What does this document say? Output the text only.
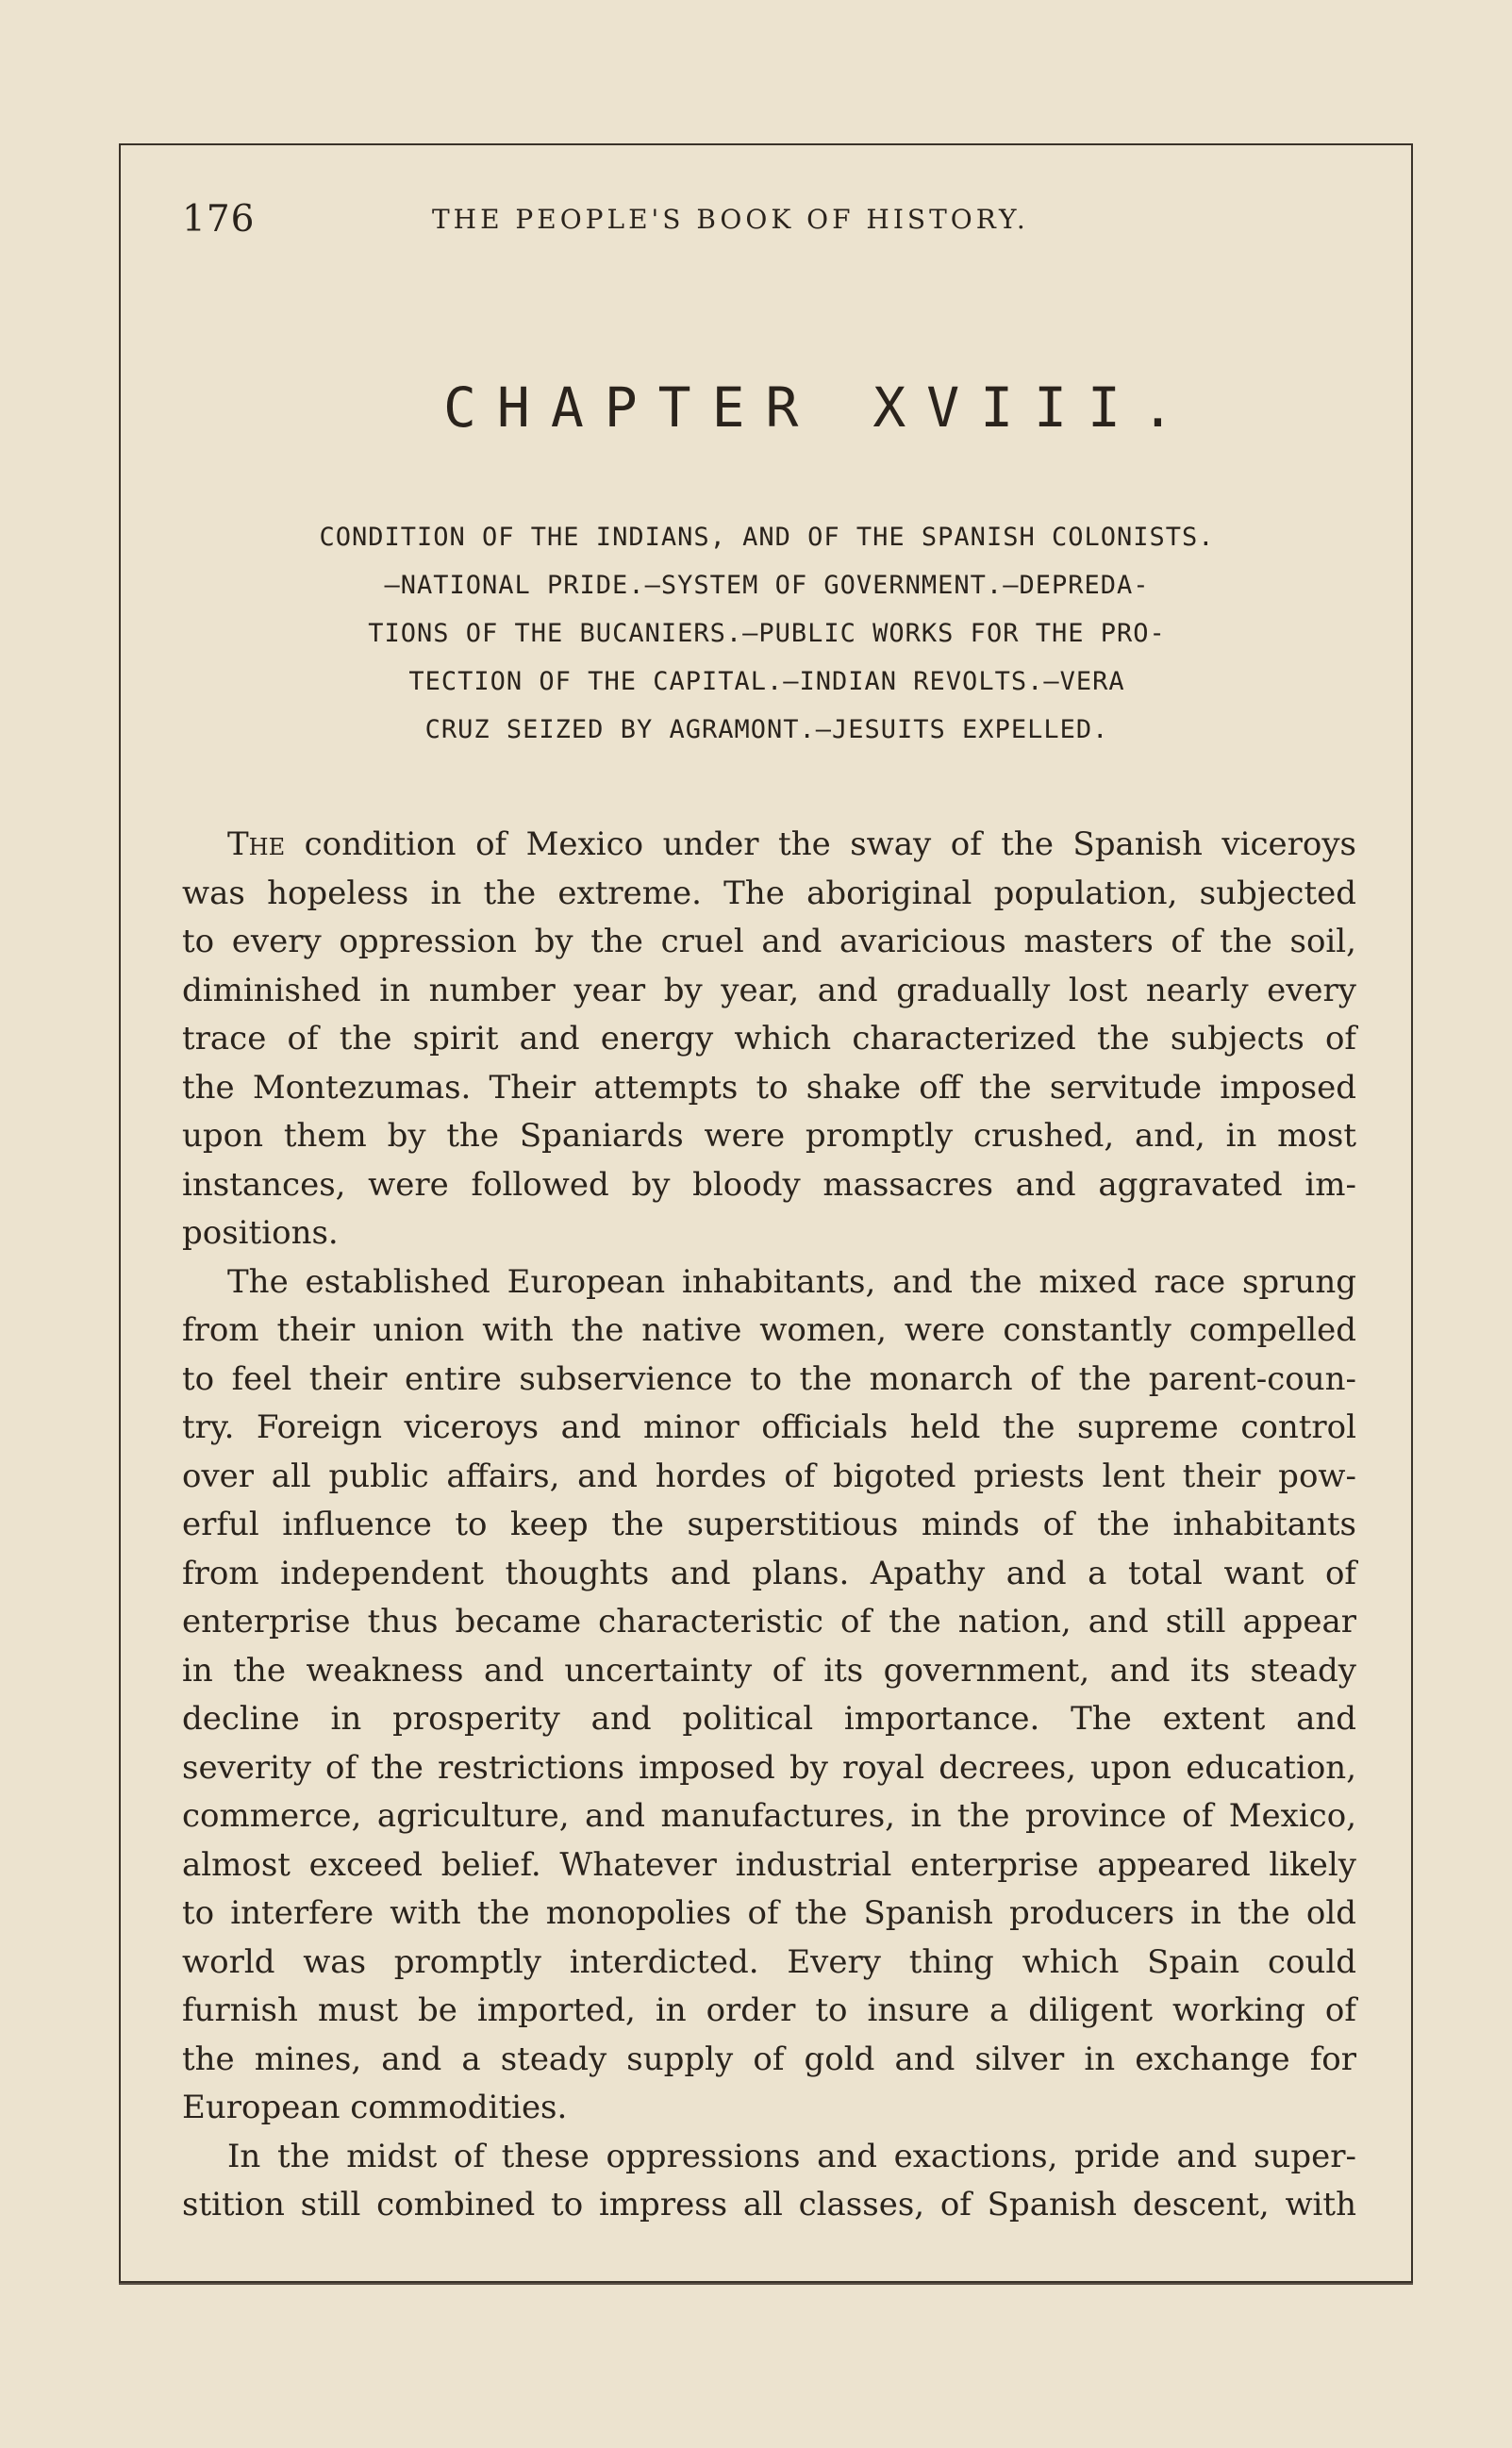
176	THE PEOPLE'S BOOK OF HISTORY.
CHAPTER XVIII.
CONDITION OF THE INDIANS, AND OF THE SPANISH COLONISTS.
—NATIONAL PRIDE.—SYSTEM OF GOVERNMENT.—DEPREDA-
TIONS OF THE BUCANIERS.—PUBLIC WORKS FOR THE PRO-
TECTION OF THE CAPITAL.—INDIAN REVOLTS.—VERA
CRUZ SEIZED BY AGRAMONT.—JESUITS EXPELLED.
The condition of Mexico under the sway of the Spanish viceroys
was hopeless in the extreme. The aboriginal population, subjected
to every oppression by the cruel and avaricious masters of the soil,
diminished in number year by year, and gradually lost nearly every
trace of the spirit and energy which characterized the subjects of
the Montezumas. Their attempts to shake off the servitude imposed
upon them by the Spaniards were promptly crushed, and, in most
instances, were followed by bloody massacres and aggravated im-
positions.
The established European inhabitants, and the mixed race sprung
from their union with the native women, were constantly compelled
to feel their entire subservience to the monarch of the parent-coun-
try. Foreign viceroys and minor officials held the supreme control
over all public affairs, and hordes of bigoted priests lent their pow-
erful influence to keep the superstitious minds of the inhabitants
from independent thoughts and plans. Apathy and a total want of
enterprise thus became characteristic of the nation, and still appear
in the weakness and uncertainty of its government, and its steady
decline in prosperity and political importance. The extent and
severity of the restrictions imposed by royal decrees, upon education,
commerce, agriculture, and manufactures, in the province of Mexico,
almost exceed belief. Whatever industrial enterprise appeared likely
to interfere with the monopolies of the Spanish producers in the old
world was promptly interdicted. Every thing which Spain could
furnish must be imported, in order to insure a diligent working of
the mines, and a steady supply of gold and silver in exchange for
European commodities.
In the midst of these oppressions and exactions, pride and super-
stition still combined to impress all classes, of Spanish descent, with
